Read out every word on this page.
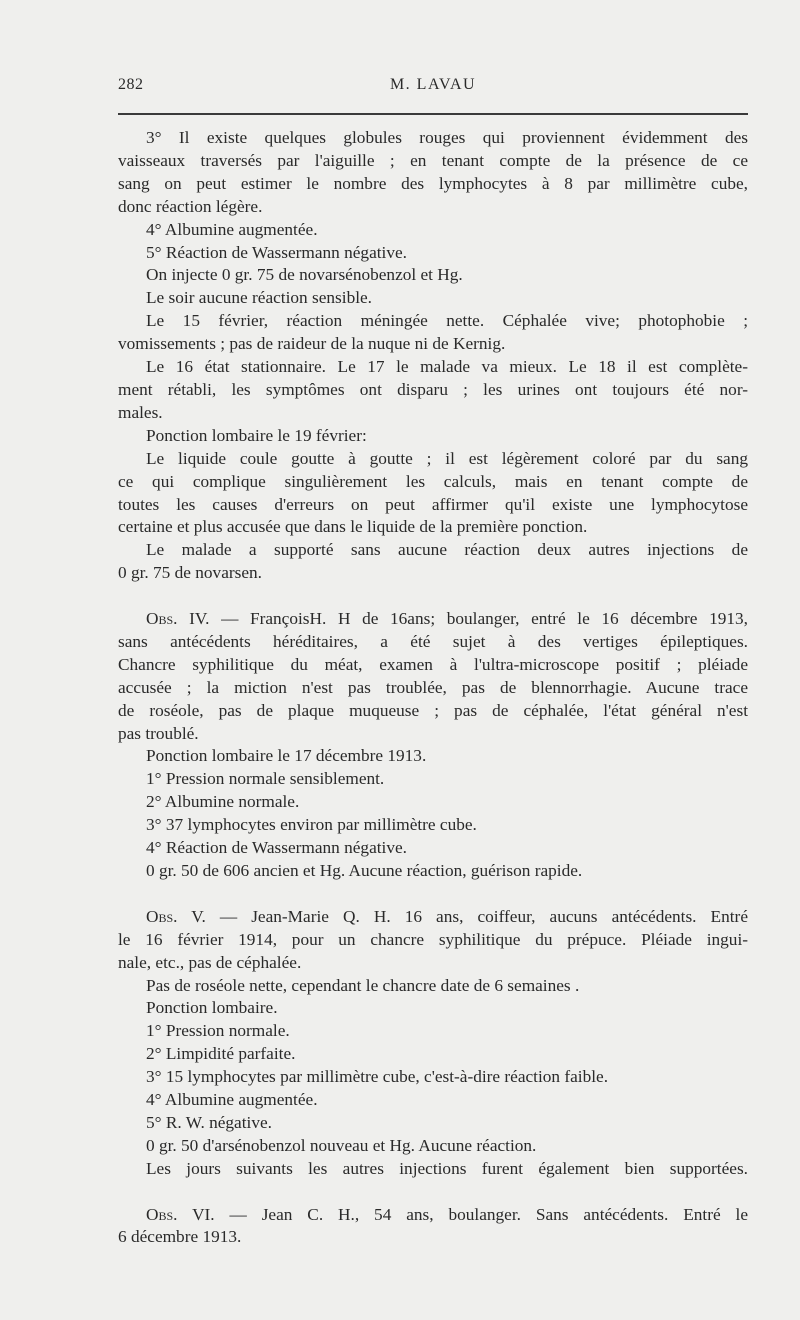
282	M. LAVAU

3° Il existe quelques globules rouges qui proviennent évidemment des

vaisseaux traversés par l'aiguille ; en tenant compte de la présence de ce

sang on peut estimer le nombre des lymphocytes à 8 par millimètre cube,

donc réaction légère.

4° Albumine augmentée.

5° Réaction de Wassermann négative.

On injecte 0 gr. 75 de novarsénobenzol et Hg.

Le soir aucune réaction sensible.

Le 15 février, réaction méningée nette. Céphalée vive; photophobie ;

vomissements ; pas de raideur de la nuque ni de Kernig.

Le 16 état stationnaire. Le 17 le malade va mieux. Le 18 il est complète-

ment rétabli, les symptômes ont disparu ; les urines ont toujours été nor-

males.

Ponction lombaire le 19 février:

Le liquide coule goutte à goutte ; il est légèrement coloré par du sang

ce qui complique singulièrement les calculs, mais en tenant compte de

toutes les causes d'erreurs on peut affirmer qu'il existe une lymphocytose

certaine et plus accusée que dans le liquide de la première ponction.

Le malade a supporté sans aucune réaction deux autres injections de

0 gr. 75 de novarsen.

Obs. IV. — FrançoisH. H de 16ans; boulanger, entré le 16 décembre 1913,

sans antécédents héréditaires, a été sujet à des vertiges épileptiques.

Chancre syphilitique du méat, examen à l'ultra-microscope positif ; pléiade

accusée ; la miction n'est pas troublée, pas de blennorrhagie. Aucune trace

de roséole, pas de plaque muqueuse ; pas de céphalée, l'état général n'est

pas troublé.

Ponction lombaire le 17 décembre 1913.

1° Pression normale sensiblement.

2° Albumine normale.

3° 37 lymphocytes environ par millimètre cube.

4° Réaction de Wassermann négative.

0 gr. 50 de 606 ancien et Hg. Aucune réaction, guérison rapide.

Obs. V. — Jean-Marie Q. H. 16 ans, coiffeur, aucuns antécédents. Entré

le 16 février 1914, pour un chancre syphilitique du prépuce. Pléiade ingui-

nale, etc., pas de céphalée.

Pas de roséole nette, cependant le chancre date de 6 semaines .

Ponction lombaire.

1° Pression normale.

2° Limpidité parfaite.

3° 15 lymphocytes par millimètre cube, c'est-à-dire réaction faible.

4° Albumine augmentée.

5° R. W. négative.

0 gr. 50 d'arsénobenzol nouveau et Hg. Aucune réaction.

Les jours suivants les autres injections furent également bien supportées.

Obs. VI. — Jean C. H., 54 ans, boulanger. Sans antécédents. Entré le

6 décembre 1913.
